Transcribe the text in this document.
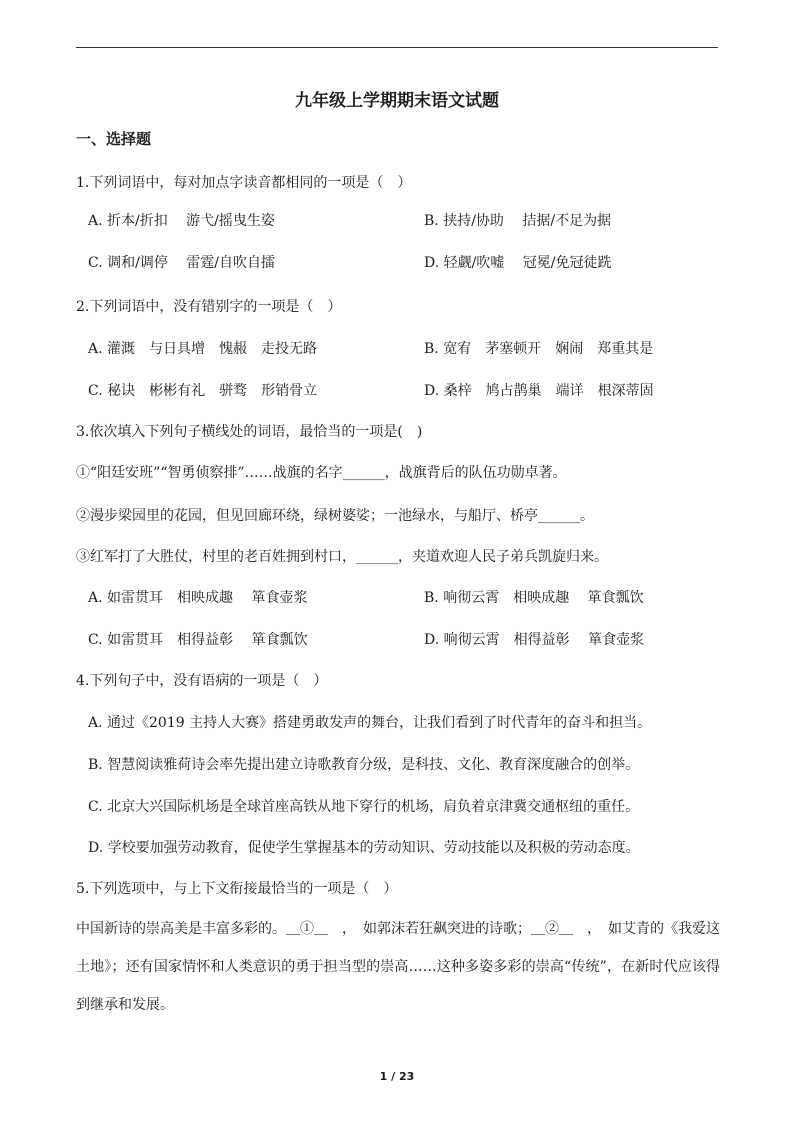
九年级上学期期末语文试题
一、选择题
1.下列词语中，每对加点字读音都相同的一项是（　）
A. 折本/折扣　 游弋/摇曳生姿	B. 挟持/协助　 拮据/不足为据
C. 调和/调停　 雷霆/自吹自擂	D. 轻觑/吹嘘　 冠冕/免冠徒跣
2.下列词语中，没有错别字的一项是（　）
A. 灌溉　与日具增　愧赧　走投无路	B. 宽宥　茅塞顿开　娴闹　郑重其是
C. 秘诀　彬彬有礼　骈骛　形销骨立	D. 桑梓　鸠占鹊巢　端详　根深蒂固
3.依次填入下列句子横线处的词语，最恰当的一项是(　)
①“阳廷安班”“智勇侦察排”……战旗的名字______，战旗背后的队伍功勋卓著。
②漫步梁园里的花园，但见回廊环绕，绿树婆娑；一池绿水，与船厅、桥亭______。
③红军打了大胜仗，村里的老百姓拥到村口，______，夹道欢迎人民子弟兵凯旋归来。
A. 如雷贯耳　相映成趣　 箪食壶浆	B. 响彻云霄　相映成趣　 箪食瓢饮
C. 如雷贯耳　相得益彰　 箪食瓢饮	D. 响彻云霄　相得益彰　 箪食壶浆
4.下列句子中，没有语病的一项是（　）
A. 通过《2019 主持人大赛》搭建勇敢发声的舞台，让我们看到了时代青年的奋斗和担当。
B. 智慧阅读雅荷诗会率先提出建立诗歌教育分级，是科技、文化、教育深度融合的创举。
C. 北京大兴国际机场是全球首座高铁从地下穿行的机场，肩负着京津冀交通枢纽的重任。
D. 学校要加强劳动教育，促使学生掌握基本的劳动知识、劳动技能以及积极的劳动态度。
5.下列选项中，与上下文衔接最恰当的一项是（　）
中国新诗的崇高美是丰富多彩的。＿①＿　，　如郭沫若狂飙突进的诗歌；＿②＿　，　如艾青的《我爱这土地》；还有国家情怀和人类意识的勇于担当型的崇高……这种多姿多彩的崇高“传统”，在新时代应该得到继承和发展。
1 / 23
